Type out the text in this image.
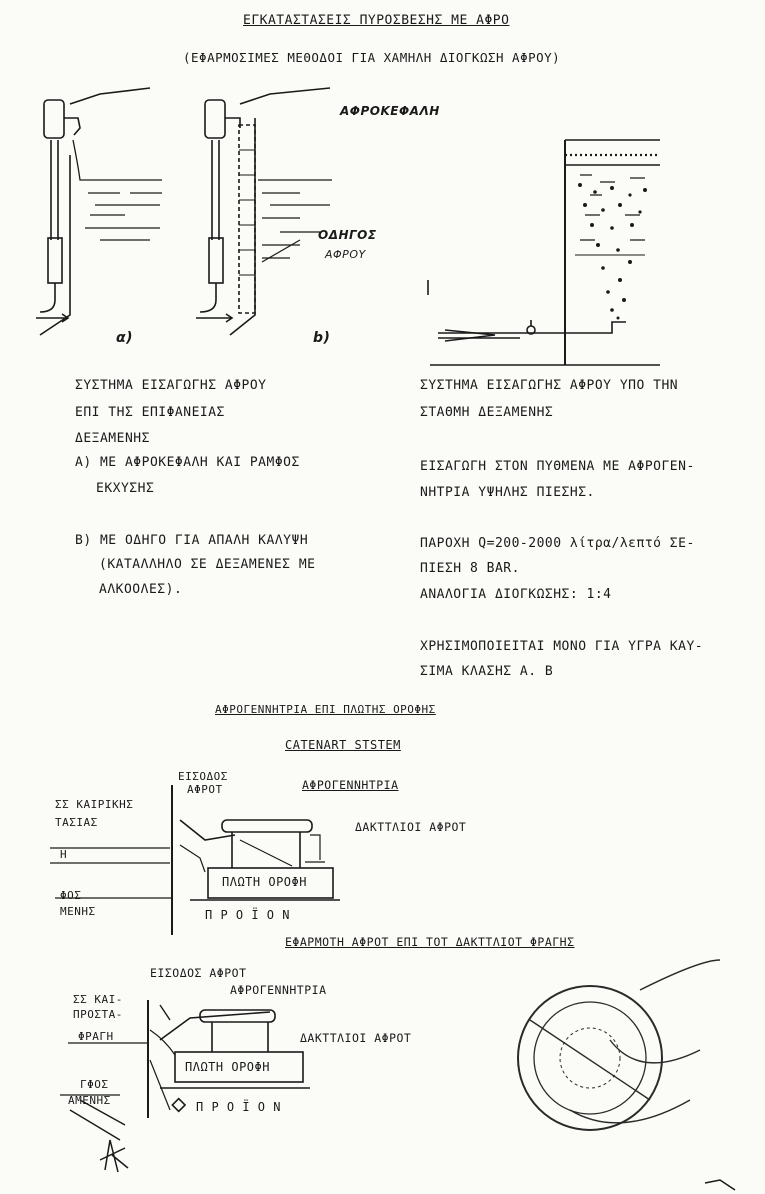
ΕΓΚΑΤΑΣΤΑΣΕΙΣ ΠΥΡΟΣΒΕΣΗΣ ΜΕ ΑΦΡΟ
(ΕΦΑΡΜΟΣΙΜΕΣ ΜΕΘΟΔΟΙ ΓΙΑ ΧΑΜΗΛΗ ΔΙΟΓΚΩΣΗ ΑΦΡΟΥ)
ΑΦΡΟΚΕΦΑΛΗ
ΟΔΗΓΟΣ
ΑΦΡΟΥ
α)	b)
ΣΥΣΤΗΜΑ ΕΙΣΑΓΩΓΗΣ ΑΦΡΟΥ
ΕΠΙ ΤΗΣ ΕΠΙΦΑΝΕΙΑΣ
ΔΕΞΑΜΕΝΗΣ
Α) ΜΕ ΑΦΡΟΚΕΦΑΛΗ ΚΑΙ ΡΑΜΦΟΣ
ΕΚΧΥΣΗΣ
Β) ΜΕ ΟΔΗΓΟ ΓΙΑ ΑΠΑΛΗ ΚΑΛΥΨΗ
(ΚΑΤΑΛΛΗΛΟ ΣΕ ΔΕΞΑΜΕΝΕΣ ΜΕ
ΑΛΚΟΟΛΕΣ).
ΣΥΣΤΗΜΑ ΕΙΣΑΓΩΓΗΣ ΑΦΡΟΥ ΥΠΟ ΤΗΝ
ΣΤΑΘΜΗ ΔΕΞΑΜΕΝΗΣ
ΕΙΣΑΓΩΓΗ ΣΤΟΝ ΠΥΘΜΕΝΑ ΜΕ ΑΦΡΟΓΕΝ-
ΝΗΤΡΙΑ ΥΨΗΛΗΣ ΠΙΕΣΗΣ.
ΠΑΡΟΧΗ Q=200-2000 λίτρα/λεπτό ΣΕ-
ΠΙΕΣΗ 8 BAR.
ΑΝΑΛΟΓΙΑ ΔΙΟΓΚΩΣΗΣ: 1:4
ΧΡΗΣΙΜΟΠΟΙΕΙΤΑΙ ΜΟΝΟ ΓΙΑ ΥΓΡΑ ΚΑΥ-
ΣΙΜΑ ΚΛΑΣΗΣ Α. Β
ΑΦΡΟΓΕΝΝΗΤΡΙΑ ΕΠΙ ΠΛΩΤΗΣ ΟΡΟΦΗΣ
CATENART STSTEM
ΕΙΣΟΔΟΣ
ΑΦΡΟΤ	ΑΦΡΟΓΕΝΝΗΤΡΙΑ
ΔΑΚΤΤΛΙΟΙ ΑΦΡΟΤ
ΣΣ ΚΑΙΡΙΚΗΣ
ΤΑΣΙΑΣ
Η
ΦΟΣ
ΜΕΝΗΣ
ΠΛΩΤΗ ΟΡΟΦΗ
Π Ρ Ο Ϊ Ο Ν
ΕΦΑΡΜΟΤΗ ΑΦΡΟΤ ΕΠΙ ΤΟΤ ΔΑΚΤΤΛΙΟΤ ΦΡΑΓΗΣ
ΕΙΣΟΔΟΣ ΑΦΡΟΤ
ΑΦΡΟΓΕΝΝΗΤΡΙΑ
ΔΑΚΤΤΛΙΟΙ ΑΦΡΟΤ
ΣΣ ΚΑΙ-
ΠΡΟΣΤΑ-
ΦΡΑΓΗ
ΓΦΟΣ
ΑΜΕΝΗΣ
ΠΛΩΤΗ ΟΡΟΦΗ
Π Ρ Ο Ϊ Ο Ν
